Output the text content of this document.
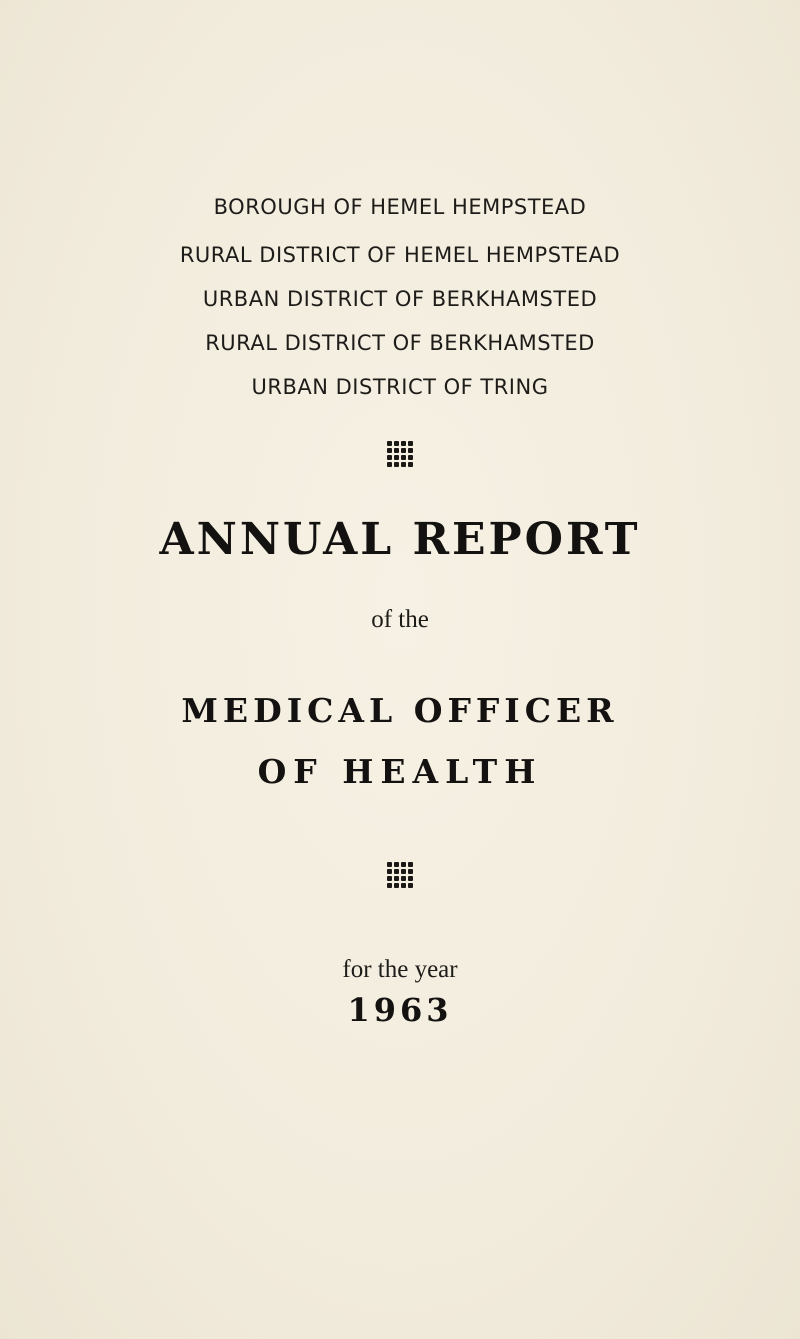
BOROUGH OF HEMEL HEMPSTEAD
RURAL DISTRICT OF HEMEL HEMPSTEAD
URBAN DISTRICT OF BERKHAMSTED
RURAL DISTRICT OF BERKHAMSTED
URBAN DISTRICT OF TRING
ANNUAL REPORT
of the
MEDICAL OFFICER
OF HEALTH
for the year
1963
